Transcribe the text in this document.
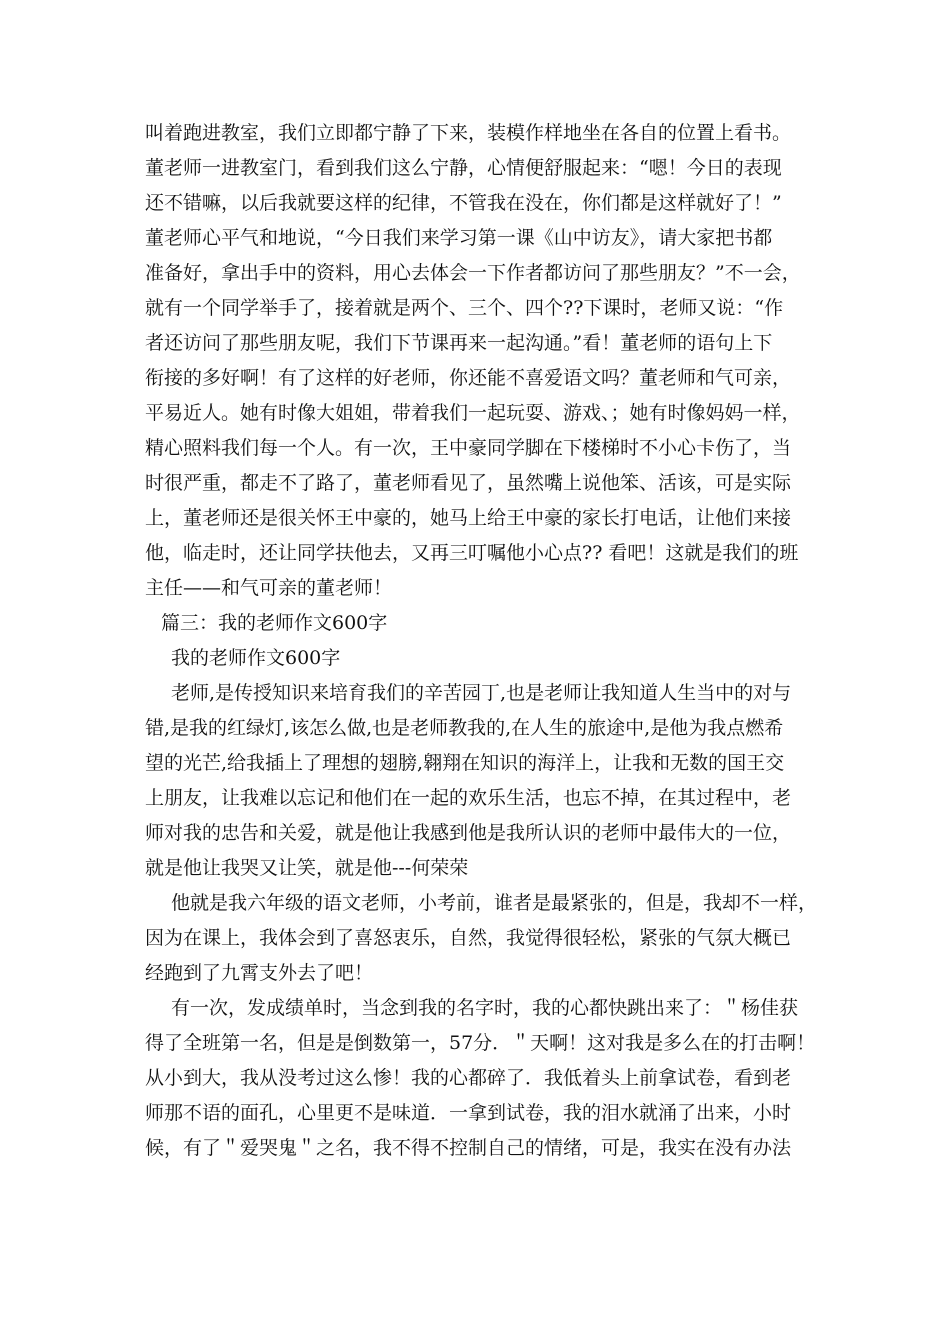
叫着跑进教室，我们立即都宁静了下来，装模作样地坐在各自的位置上看书。
董老师一进教室门，看到我们这么宁静，心情便舒服起来：“嗯！今日的表现
还不错嘛，以后我就要这样的纪律，不管我在没在，你们都是这样就好了！”
董老师心平气和地说，“今日我们来学习第一课《山中访友》，请大家把书都
准备好，拿出手中的资料，用心去体会一下作者都访问了那些朋友？”不一会，
就有一个同学举手了，接着就是两个、三个、四个??下课时，老师又说：“作
者还访问了那些朋友呢，我们下节课再来一起沟通。”看！董老师的语句上下
衔接的多好啊！有了这样的好老师，你还能不喜爱语文吗？董老师和气可亲，
平易近人。她有时像大姐姐，带着我们一起玩耍、游戏、；她有时像妈妈一样，
精心照料我们每一个人。有一次，王中豪同学脚在下楼梯时不小心卡伤了，当
时很严重，都走不了路了，董老师看见了，虽然嘴上说他笨、活该，可是实际
上，董老师还是很关怀王中豪的，她马上给王中豪的家长打电话，让他们来接
他，临走时，还让同学扶他去，又再三叮嘱他小心点?? 看吧！这就是我们的班
主任——和气可亲的董老师！
篇三：我的老师作文600字
我的老师作文600字
老师,是传授知识来培育我们的辛苦园丁,也是老师让我知道人生当中的对与
错,是我的红绿灯,该怎么做,也是老师教我的,在人生的旅途中,是他为我点燃希
望的光芒,给我插上了理想的翅膀,翱翔在知识的海洋上，让我和无数的国王交
上朋友，让我难以忘记和他们在一起的欢乐生活，也忘不掉，在其过程中，老
师对我的忠告和关爱，就是他让我感到他是我所认识的老师中最伟大的一位，
就是他让我哭又让笑，就是他---何荣荣
他就是我六年级的语文老师，小考前，谁者是最紧张的，但是，我却不一样，
因为在课上，我体会到了喜怒衷乐，自然，我觉得很轻松，紧张的气氛大概已
经跑到了九霄支外去了吧！
有一次，发成绩单时，当念到我的名字时，我的心都快跳出来了：＂杨佳获
得了全班第一名，但是是倒数第一，57分．＂天啊！这对我是多么在的打击啊！
从小到大，我从没考过这么惨！我的心都碎了．我低着头上前拿试卷，看到老
师那不语的面孔，心里更不是味道．一拿到试卷，我的泪水就涌了出来，小时
候，有了＂爱哭鬼＂之名，我不得不控制自己的情绪，可是，我实在没有办法
